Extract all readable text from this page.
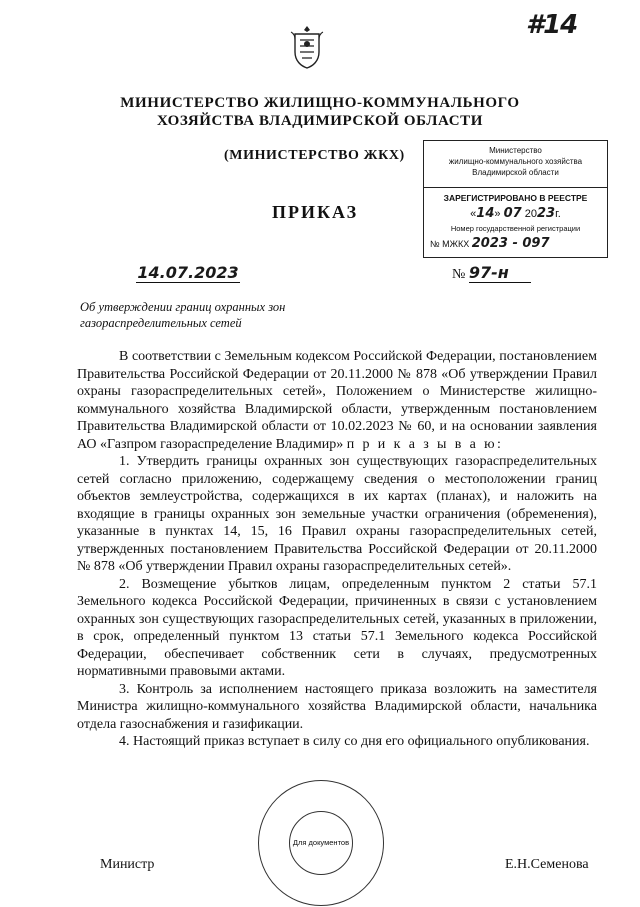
#14
МИНИСТЕРСТВО ЖИЛИЩНО-КОММУНАЛЬНОГО
ХОЗЯЙСТВА ВЛАДИМИРСКОЙ ОБЛАСТИ
(МИНИСТЕРСТВО ЖКХ)
ПРИКАЗ
Министерство
жилищно-коммунального хозяйства
Владимирской области
ЗАРЕГИСТРИРОВАНО В РЕЕСТРЕ
«14» 07 2023г.
Номер государственной регистрации
№ МЖКХ 2023 - 097
14.07.2023	№ 97-н
Об утверждении границ охранных зон
газораспределительных сетей

В соответствии с Земельным кодексом Российской Федерации, постановлением Правительства Российской Федерации от 20.11.2000 № 878 «Об утверждении Правил охраны газораспределительных сетей», Положением о Министерстве жилищно-коммунального хозяйства Владимирской области, утвержденным постановлением Правительства Владимирской области от 10.02.2023 № 60, и на основании заявления АО «Газпром газораспределение Владимир» п р и к а з ы в а ю:

1. Утвердить границы охранных зон существующих газораспределительных сетей согласно приложению, содержащему сведения о местоположении границ объектов землеустройства, содержащихся в их картах (планах), и наложить на входящие в границы охранных зон земельные участки ограничения (обременения), указанные в пунктах 14, 15, 16 Правил охраны газораспределительных сетей, утвержденных постановлением Правительства Российской Федерации от 20.11.2000 № 878 «Об утверждении Правил охраны газораспределительных сетей».

2. Возмещение убытков лицам, определенным пунктом 2 статьи 57.1 Земельного кодекса Российской Федерации, причиненных в связи с установлением охранных зон существующих газораспределительных сетей, указанных в приложении, в срок, определенный пунктом 13 статьи 57.1 Земельного кодекса Российской Федерации, обеспечивает собственник сети в случаях, предусмотренных нормативными правовыми актами.

3. Контроль за исполнением настоящего приказа возложить на заместителя Министра жилищно-коммунального хозяйства Владимирской области, начальника отдела газоснабжения и газификации.

4. Настоящий приказ вступает в силу со дня его официального опубликования.

Для документов
Министр	Е.Н.Семенова
